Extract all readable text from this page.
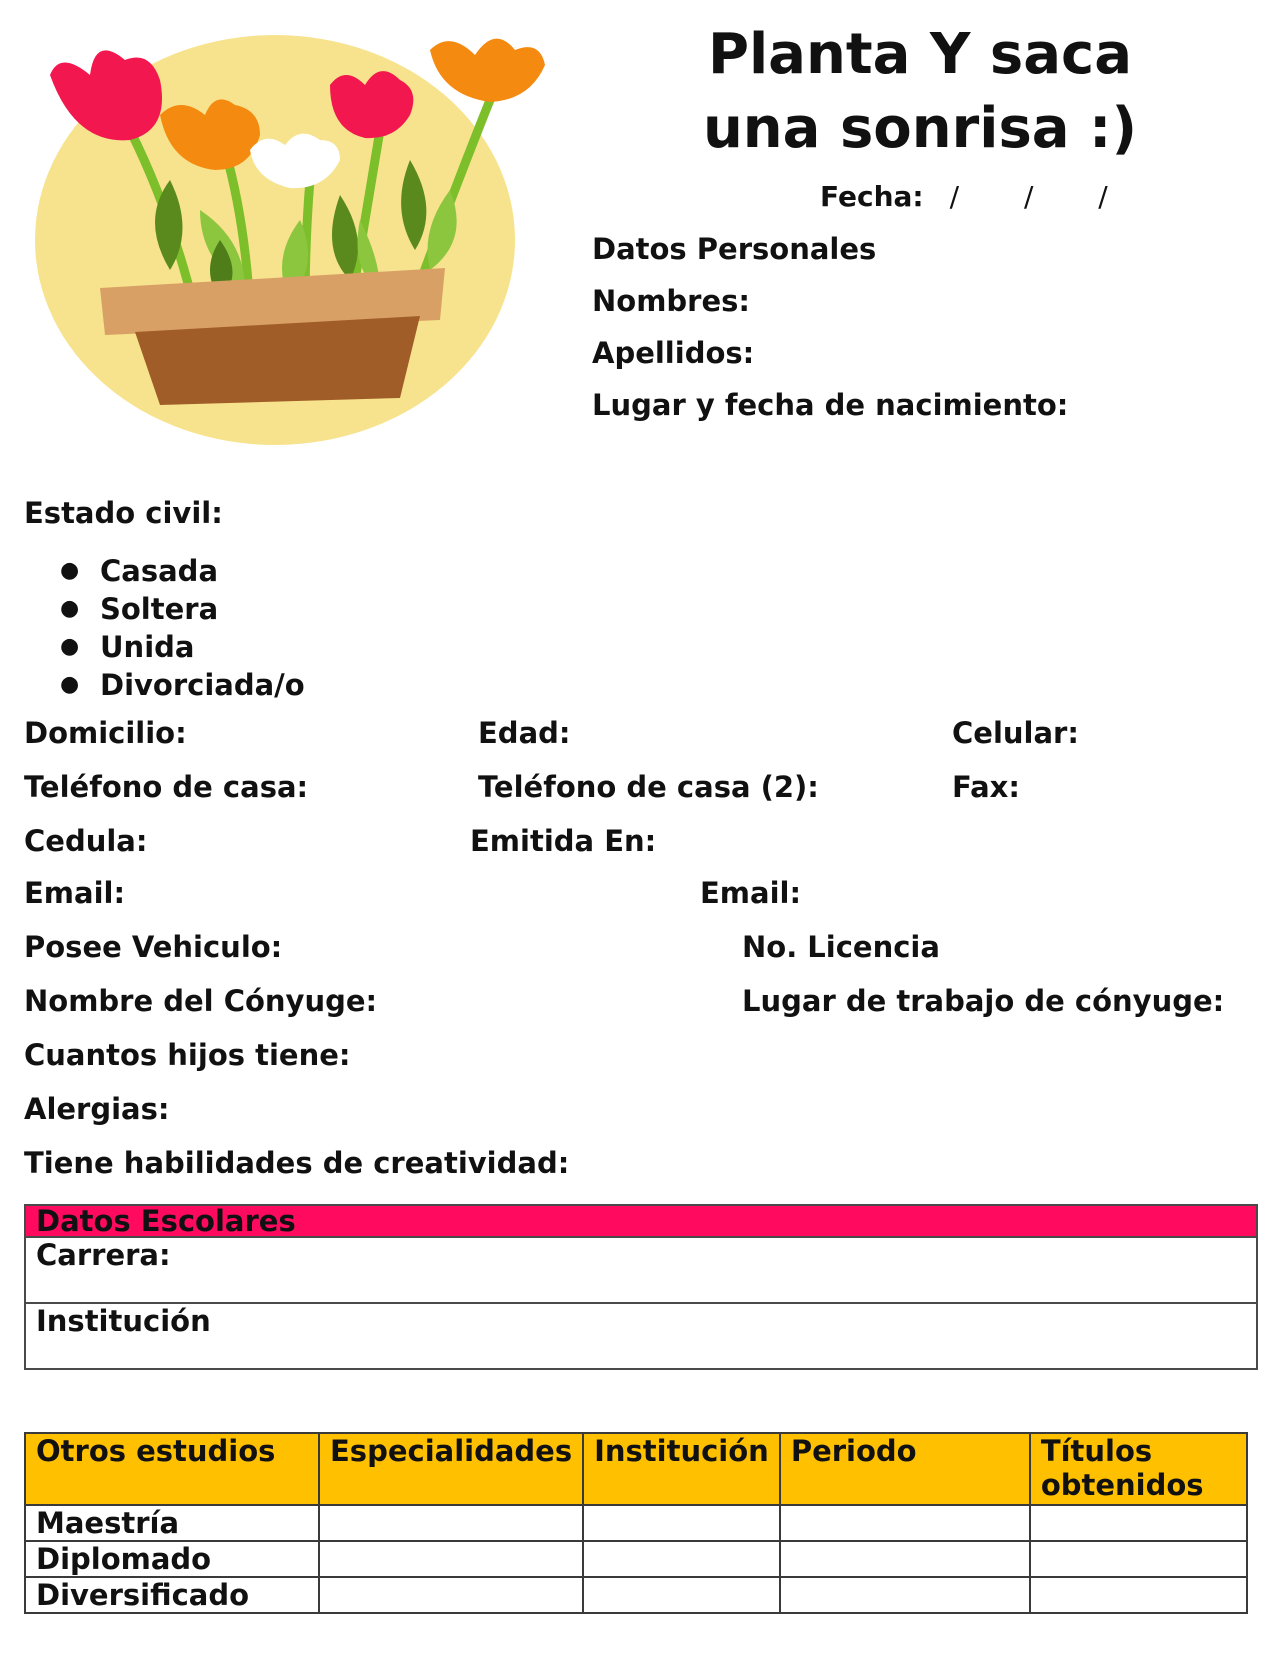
Planta Y saca una sonrisa :)
Fecha: / / /
Datos Personales
Nombres:
Apellidos:
Lugar y fecha de nacimiento:
Estado civil:
● Casada
● Soltera
● Unida
● Divorciada/o
Domicilio:	Edad:	Celular:
Teléfono de casa:	Teléfono de casa (2):	Fax:
Cedula:	Emitida En:
Email:	Email:
Posee Vehiculo:	No. Licencia
Nombre del Cónyuge:	Lugar de trabajo de cónyuge:
Cuantos hijos tiene:
Alergias:
Tiene habilidades de creatividad:
Datos Escolares
Carrera:
Institución
Otros estudios	Especialidades	Institución	Periodo	Títulos obtenidos
Maestría				
Diplomado				
Diversificado				
